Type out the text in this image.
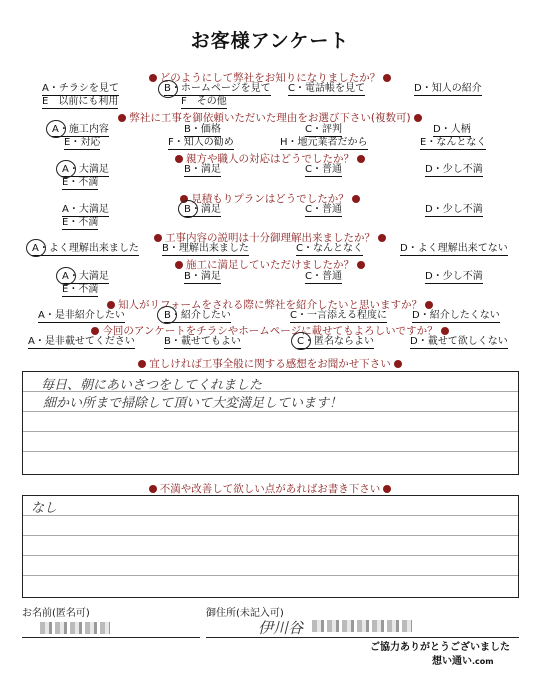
お客様アンケート
どのようにして弊社をお知りになりましたか？
A・チラシを見て	B・ホームページを見て C・電話帳を見て	D・知人の紹介
E　以前にも利用	F　その他
弊社に工事を御依頼いただいた理由をお選び下さい(複数可)
A・施工内容	B・価格	C・評判	D・人柄
E・対応	F・知人の勧め	H・地元業者だから	E・なんとなく
親方や職人の対応はどうでしたか？
A・大満足	B・満足	C・普通	D・少し不満
E・不満
見積もりプランはどうでしたか？
A・大満足	B・満足	C・普通	D・少し不満
E・不満
工事内容の説明は十分御理解出来ましたか？
A・よく理解出来ました B・理解出来ました	C・なんとなく	D・よく理解出来てない
施工に満足していただけましたか？
A・大満足	B・満足	C・普通	D・少し不満
E・不満
知人がリフォームをされる際に弊社を紹介したいと思いますか？
A・是非紹介したい	B・紹介したい	C・一言添える程度に	D・紹介したくない
今回のアンケートをチラシやホームページに載せてもよろしいですか？
A・是非載せてください	B・載せてもよい	C・匿名ならよい	D・載せて欲しくない
宜しければ工事全般に関する感想をお聞かせ下さい
毎日、朝にあいさつをしてくれました
細かい所まで掃除して頂いて大変満足しています！
不満や改善して欲しい点があればお書き下さい
なし
お名前(匿名可)	御住所(未記入可)
伊川谷
ご協力ありがとうございました
想い通い.com
